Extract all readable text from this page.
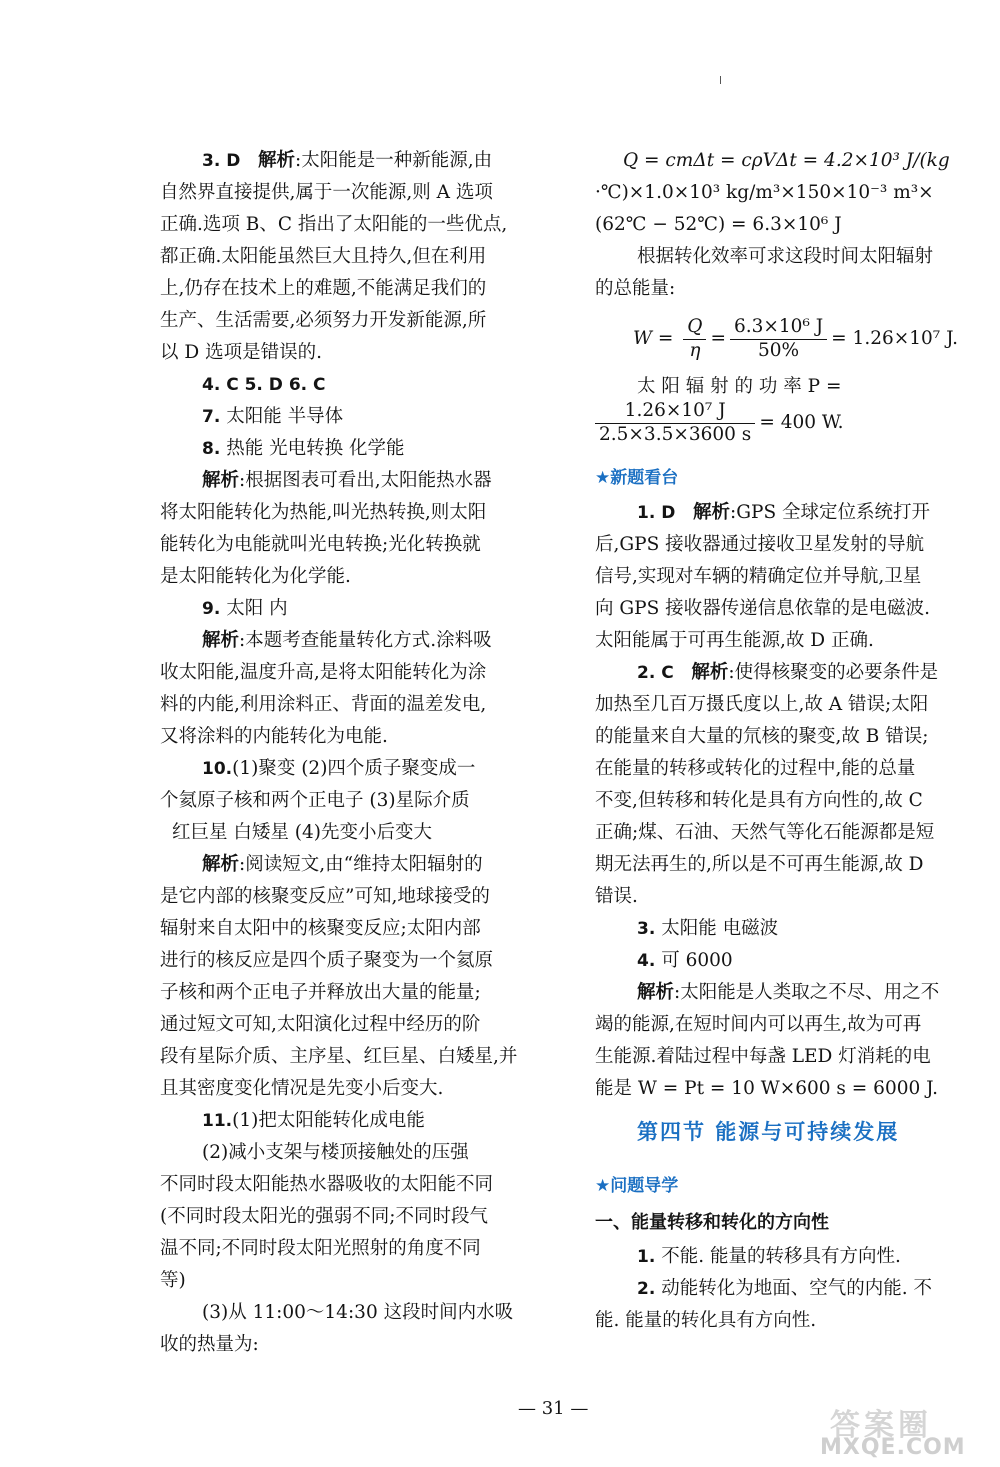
3. D 解析:太阳能是一种新能源,由
自然界直接提供,属于一次能源,则 A 选项
正确.选项 B、C 指出了太阳能的一些优点,
都正确.太阳能虽然巨大且持久,但在利用
上,仍存在技术上的难题,不能满足我们的
生产、生活需要,必须努力开发新能源,所
以 D 选项是错误的.
4. C 5. D 6. C
7. 太阳能 半导体
8. 热能 光电转换 化学能
解析:根据图表可看出,太阳能热水器
将太阳能转化为热能,叫光热转换,则太阳
能转化为电能就叫光电转换;光化转换就
是太阳能转化为化学能.
9. 太阳 内
解析:本题考查能量转化方式.涂料吸
收太阳能,温度升高,是将太阳能转化为涂
料的内能,利用涂料正、背面的温差发电,
又将涂料的内能转化为电能.
10.(1)聚变 (2)四个质子聚变成一
个氦原子核和两个正电子 (3)星际介质
红巨星 白矮星 (4)先变小后变大
解析:阅读短文,由“维持太阳辐射的
是它内部的核聚变反应”可知,地球接受的
辐射来自太阳中的核聚变反应;太阳内部
进行的核反应是四个质子聚变为一个氦原
子核和两个正电子并释放出大量的能量;
通过短文可知,太阳演化过程中经历的阶
段有星际介质、主序星、红巨星、白矮星,并
且其密度变化情况是先变小后变大.
11.(1)把太阳能转化成电能
(2)减小支架与楼顶接触处的压强
不同时段太阳能热水器吸收的太阳能不同
(不同时段太阳光的强弱不同;不同时段气
温不同;不同时段太阳光照射的角度不同
等)
(3)从 11:00～14:30 这段时间内水吸
收的热量为:
Q = cmΔt = cρVΔt = 4.2×10³ J/(kg
·℃)×1.0×10³ kg/m³×150×10⁻³ m³×
(62℃ − 52℃) = 6.3×10⁶ J
根据转化效率可求这段时间太阳辐射
的总能量:
$W = \frac{Q}{\eta} = \frac{\text{6.3×10⁶ J}}{50\%} = 1.26\times 10^7$ J.
太 阳 辐 射 的 功 率 P =
$\frac{\text{1.26×10⁷ J}}{2.5\times 3.5\times 3600 s} = 400$ W.
★新题看台
1. D 解析:GPS 全球定位系统打开
后,GPS 接收器通过接收卫星发射的导航
信号,实现对车辆的精确定位并导航,卫星
向 GPS 接收器传递信息依靠的是电磁波.
太阳能属于可再生能源,故 D 正确.
2. C 解析:使得核聚变的必要条件是
加热至几百万摄氏度以上,故 A 错误;太阳
的能量来自大量的氘核的聚变,故 B 错误;
在能量的转移或转化的过程中,能的总量
不变,但转移和转化是具有方向性的,故 C
正确;煤、石油、天然气等化石能源都是短
期无法再生的,所以是不可再生能源,故 D
错误.
3. 太阳能 电磁波
4. 可 6000
解析:太阳能是人类取之不尽、用之不
竭的能源,在短时间内可以再生,故为可再
生能源.着陆过程中每盏 LED 灯消耗的电
能是 W = Pt = 10 W×600 s = 6000 J.
第四节 能源与可持续发展
★问题导学
一、能量转移和转化的方向性
1. 不能. 能量的转移具有方向性.
2. 动能转化为地面、空气的内能. 不
能. 能量的转化具有方向性.
— 31 —	答案圈
MXQE.COM
